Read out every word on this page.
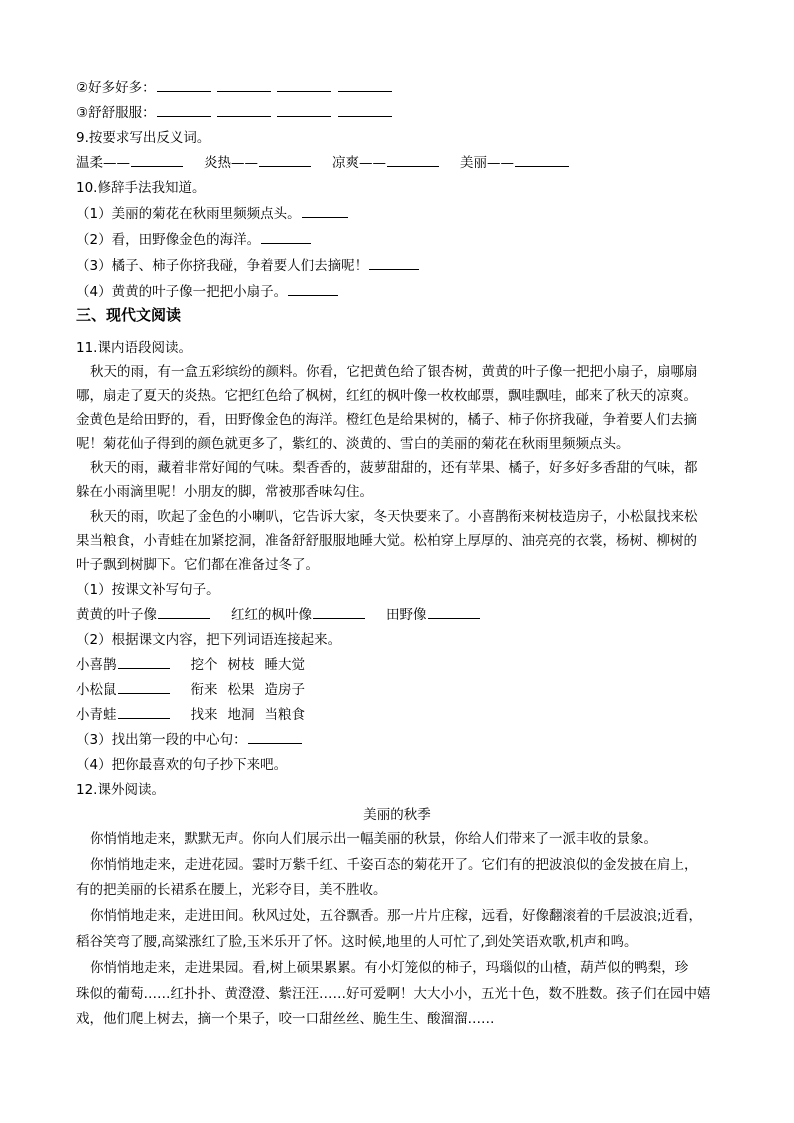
②好多好多：
③舒舒服服：
9.按要求写出反义词。
温柔——	炎热——	凉爽——	美丽——
10.修辞手法我知道。
（1）美丽的菊花在秋雨里频频点头。
（2）看，田野像金色的海洋。
（3）橘子、柿子你挤我碰，争着要人们去摘呢！
（4）黄黄的叶子像一把把小扇子。
三、现代文阅读
11.课内语段阅读。
秋天的雨，有一盒五彩缤纷的颜料。你看，它把黄色给了银杏树，黄黄的叶子像一把把小扇子，扇哪扇
哪，扇走了夏天的炎热。它把红色给了枫树，红红的枫叶像一枚枚邮票，飘哇飘哇，邮来了秋天的凉爽。
金黄色是给田野的，看，田野像金色的海洋。橙红色是给果树的，橘子、柿子你挤我碰，争着要人们去摘
呢！菊花仙子得到的颜色就更多了，紫红的、淡黄的、雪白的美丽的菊花在秋雨里频频点头。
秋天的雨，藏着非常好闻的气味。梨香香的，菠萝甜甜的，还有苹果、橘子，好多好多香甜的气味，都
躲在小雨滴里呢！小朋友的脚，常被那香味勾住。
秋天的雨，吹起了金色的小喇叭，它告诉大家，冬天快要来了。小喜鹊衔来树枝造房子，小松鼠找来松
果当粮食，小青蛙在加紧挖洞，准备舒舒服服地睡大觉。松柏穿上厚厚的、油亮亮的衣裳，杨树、柳树的
叶子飘到树脚下。它们都在准备过冬了。
（1）按课文补写句子。
黄黄的叶子像	红红的枫叶像	田野像
（2）根据课文内容，把下列词语连接起来。
小喜鹊	挖个 树枝 睡大觉
小松鼠	衔来 松果 造房子
小青蛙	找来 地洞 当粮食
（3）找出第一段的中心句：
（4）把你最喜欢的句子抄下来吧。
12.课外阅读。
美丽的秋季
你悄悄地走来，默默无声。你向人们展示出一幅美丽的秋景，你给人们带来了一派丰收的景象。
你悄悄地走来，走进花园。霎时万紫千红、千姿百态的菊花开了。它们有的把波浪似的金发披在肩上，
有的把美丽的长裙系在腰上，光彩夺目，美不胜收。
你悄悄地走来，走进田间。秋风过处，五谷飘香。那一片片庄稼，远看，好像翻滚着的千层波浪;近看，
稻谷笑弯了腰,高粱涨红了脸,玉米乐开了怀。这时候,地里的人可忙了,到处笑语欢歌,机声和鸣。
你悄悄地走来，走进果园。看,树上硕果累累。有小灯笼似的柿子，玛瑙似的山楂，葫芦似的鸭梨，珍
珠似的葡萄……红扑扑、黄澄澄、紫汪汪……好可爱啊！大大小小，五光十色，数不胜数。孩子们在园中嬉
戏，他们爬上树去，摘一个果子，咬一口甜丝丝、脆生生、酸溜溜……
